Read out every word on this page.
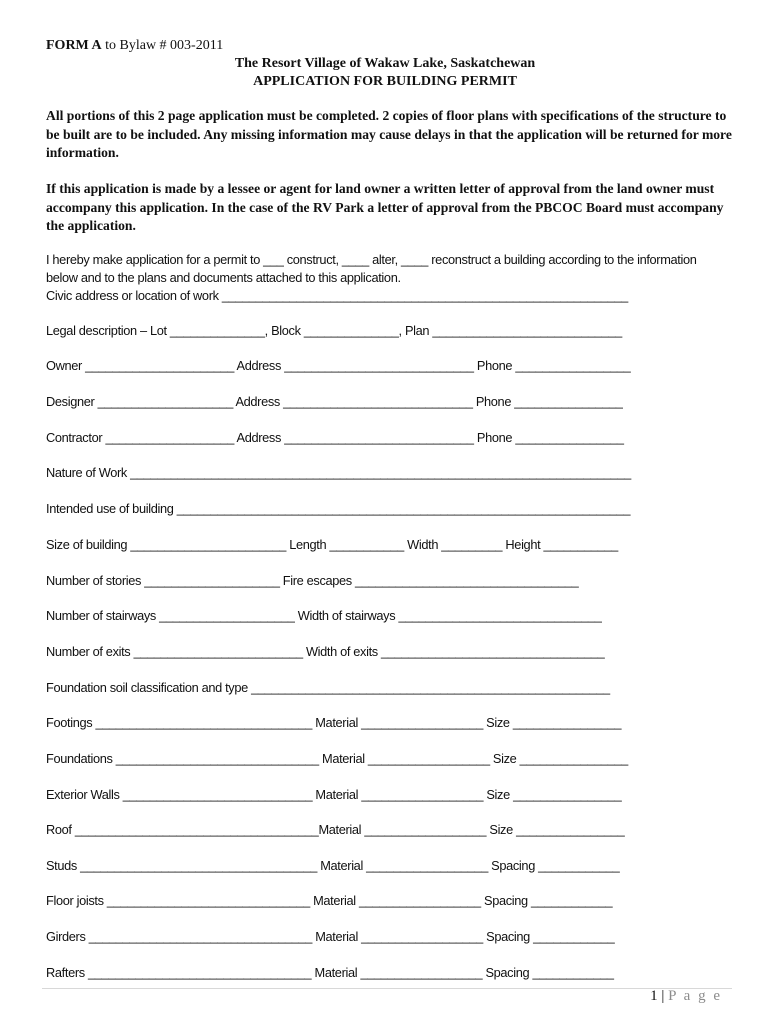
FORM A to Bylaw # 003-2011
The Resort Village of Wakaw Lake, Saskatchewan
APPLICATION FOR BUILDING PERMIT
All portions of this 2 page application must be completed. 2 copies of floor plans with specifications of the structure to be built are to be included. Any missing information may cause delays in that the application will be returned for more information.
If this application is made by a lessee or agent for land owner a written letter of approval from the land owner must accompany this application. In the case of the RV Park a letter of approval from the PBCOC Board must accompany the application.
I hereby make application for a permit to ___ construct, ____ alter, ____ reconstruct a building according to the information
below and to the plans and documents attached to this application.
Civic address or location of work ____________________________________________________________
Legal description – Lot ______________, Block ______________, Plan ____________________________
Owner ______________________ Address ____________________________ Phone _________________
Designer ____________________ Address ____________________________ Phone ________________
Contractor ___________________ Address ____________________________ Phone ________________
Nature of Work __________________________________________________________________________
Intended use of building ___________________________________________________________________
Size of building _______________________ Length ___________ Width _________ Height ___________
Number of stories ____________________ Fire escapes _________________________________
Number of stairways ____________________ Width of stairways ______________________________
Number of exits _________________________ Width of exits _________________________________
Foundation soil classification and type _____________________________________________________
Footings ________________________________ Material __________________ Size ________________
Foundations ______________________________ Material __________________ Size ________________
Exterior Walls ____________________________ Material __________________ Size ________________
Roof ____________________________________Material __________________ Size ________________
Studs ___________________________________ Material __________________ Spacing ____________
Floor joists ______________________________ Material __________________ Spacing ____________
Girders _________________________________ Material __________________ Spacing ____________
Rafters _________________________________ Material __________________ Spacing ____________
1 | P a g e
